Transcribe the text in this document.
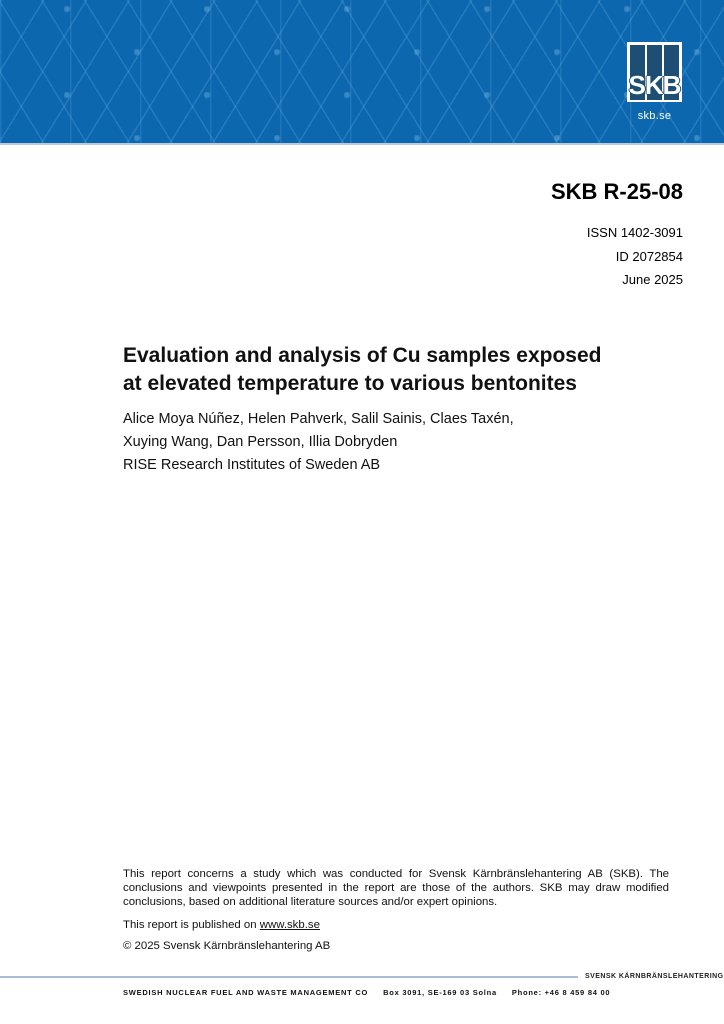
SKB
skb.se
SKB R-25-08
ISSN 1402-3091
ID 2072854
June 2025
Evaluation and analysis of Cu samples exposed
at elevated temperature to various bentonites
Alice Moya Núñez, Helen Pahverk, Salil Sainis, Claes Taxén,
Xuying Wang, Dan Persson, Illia Dobryden
RISE Research Institutes of Sweden AB

This report concerns a study which was conducted for Svensk Kärnbränslehantering AB (SKB). The conclusions and viewpoints presented in the report are those of the authors. SKB may draw modified conclusions, based on additional literature sources and/or expert opinions.

This report is published on www.skb.se
© 2025 Svensk Kärnbränslehantering AB
SVENSK KÄRNBRÄNSLEHANTERING
SWEDISH NUCLEAR FUEL AND WASTE MANAGEMENT CO Box 3091, SE-169 03 Solna Phone: +46 8 459 84 00
